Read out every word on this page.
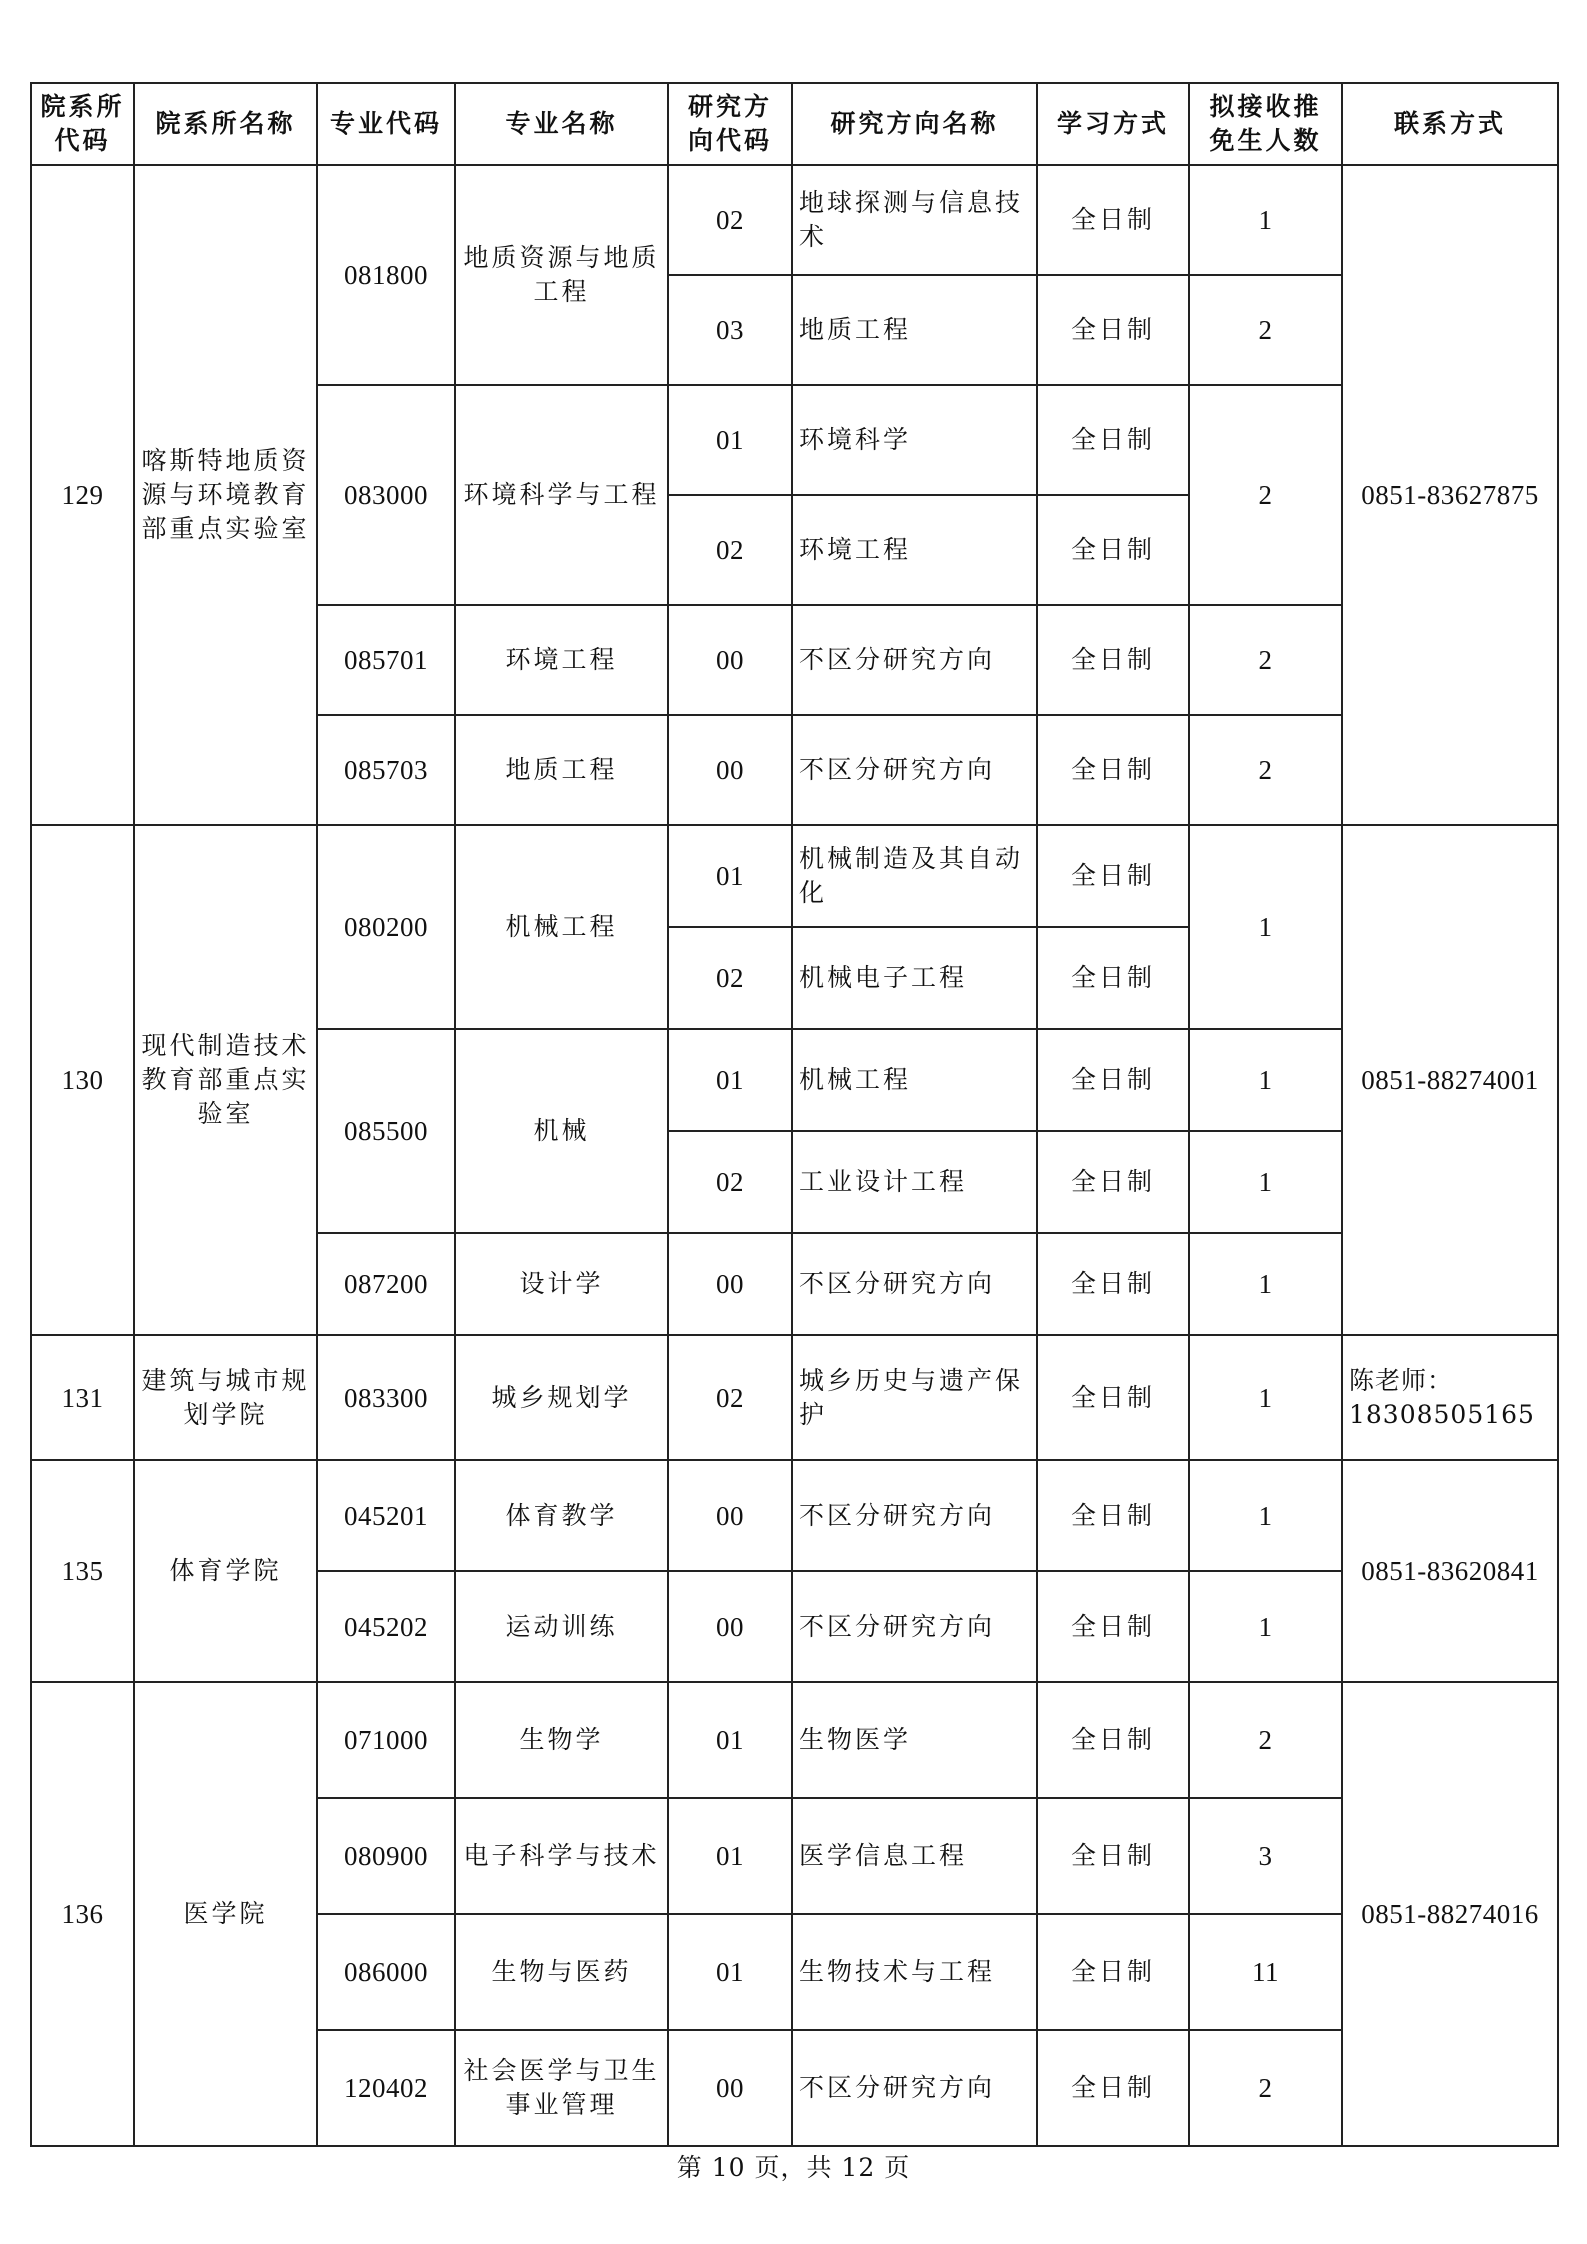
院系所代码	院系所名称	专业代码	专业名称	研究方向代码	研究方向名称	学习方式	拟接收推免生人数	联系方式
129	喀斯特地质资源与环境教育部重点实验室	081800	地质资源与地质工程	02	地球探测与信息技术	全日制	1	0851-83627875
				03	地质工程	全日制	2	
		083000	环境科学与工程	01	环境科学	全日制	2	
				02	环境工程	全日制		
		085701	环境工程	00	不区分研究方向	全日制	2	
		085703	地质工程	00	不区分研究方向	全日制	2	
130	现代制造技术教育部重点实验室	080200	机械工程	01	机械制造及其自动化	全日制	1	0851-88274001
				02	机械电子工程	全日制		
		085500	机械	01	机械工程	全日制	1	
				02	工业设计工程	全日制	1	
		087200	设计学	00	不区分研究方向	全日制	1	
131	建筑与城市规划学院	083300	城乡规划学	02	城乡历史与遗产保护	全日制	1	陈老师：18308505165
135	体育学院	045201	体育教学	00	不区分研究方向	全日制	1	0851-83620841
		045202	运动训练	00	不区分研究方向	全日制	1	
136	医学院	071000	生物学	01	生物医学	全日制	2	0851-88274016
		080900	电子科学与技术	01	医学信息工程	全日制	3	
		086000	生物与医药	01	生物技术与工程	全日制	11	
		120402	社会医学与卫生事业管理	00	不区分研究方向	全日制	2	
第 10 页，共 12 页
